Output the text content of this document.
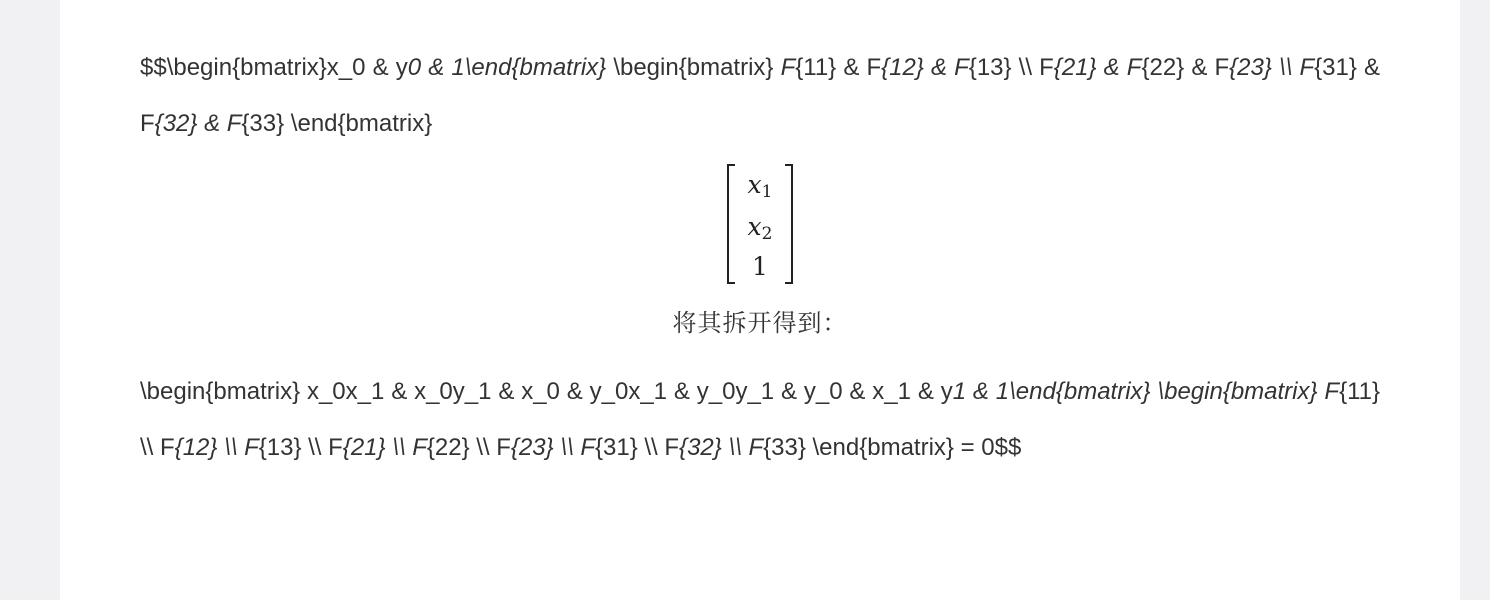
$$\begin{bmatrix}x_0 & y0 & 1\end{bmatrix} \begin{bmatrix} F{11} & F{12} & F{13} \\ F{21} & F{22} & F{23} \\ F{31} & F{32} & F{33} \end{bmatrix}

$x_1$
$x_2$
1

将其拆开得到：

\begin{bmatrix} x_0x_1 & x_0y_1 & x_0 & y_0x_1 & y_0y_1 & y_0 & x_1 & y1 & 1\end{bmatrix} \begin{bmatrix} F{11} \\ F{12} \\ F{13} \\ F{21} \\ F{22} \\ F{23} \\ F{31} \\ F{32} \\ F{33} \end{bmatrix} = 0$$
